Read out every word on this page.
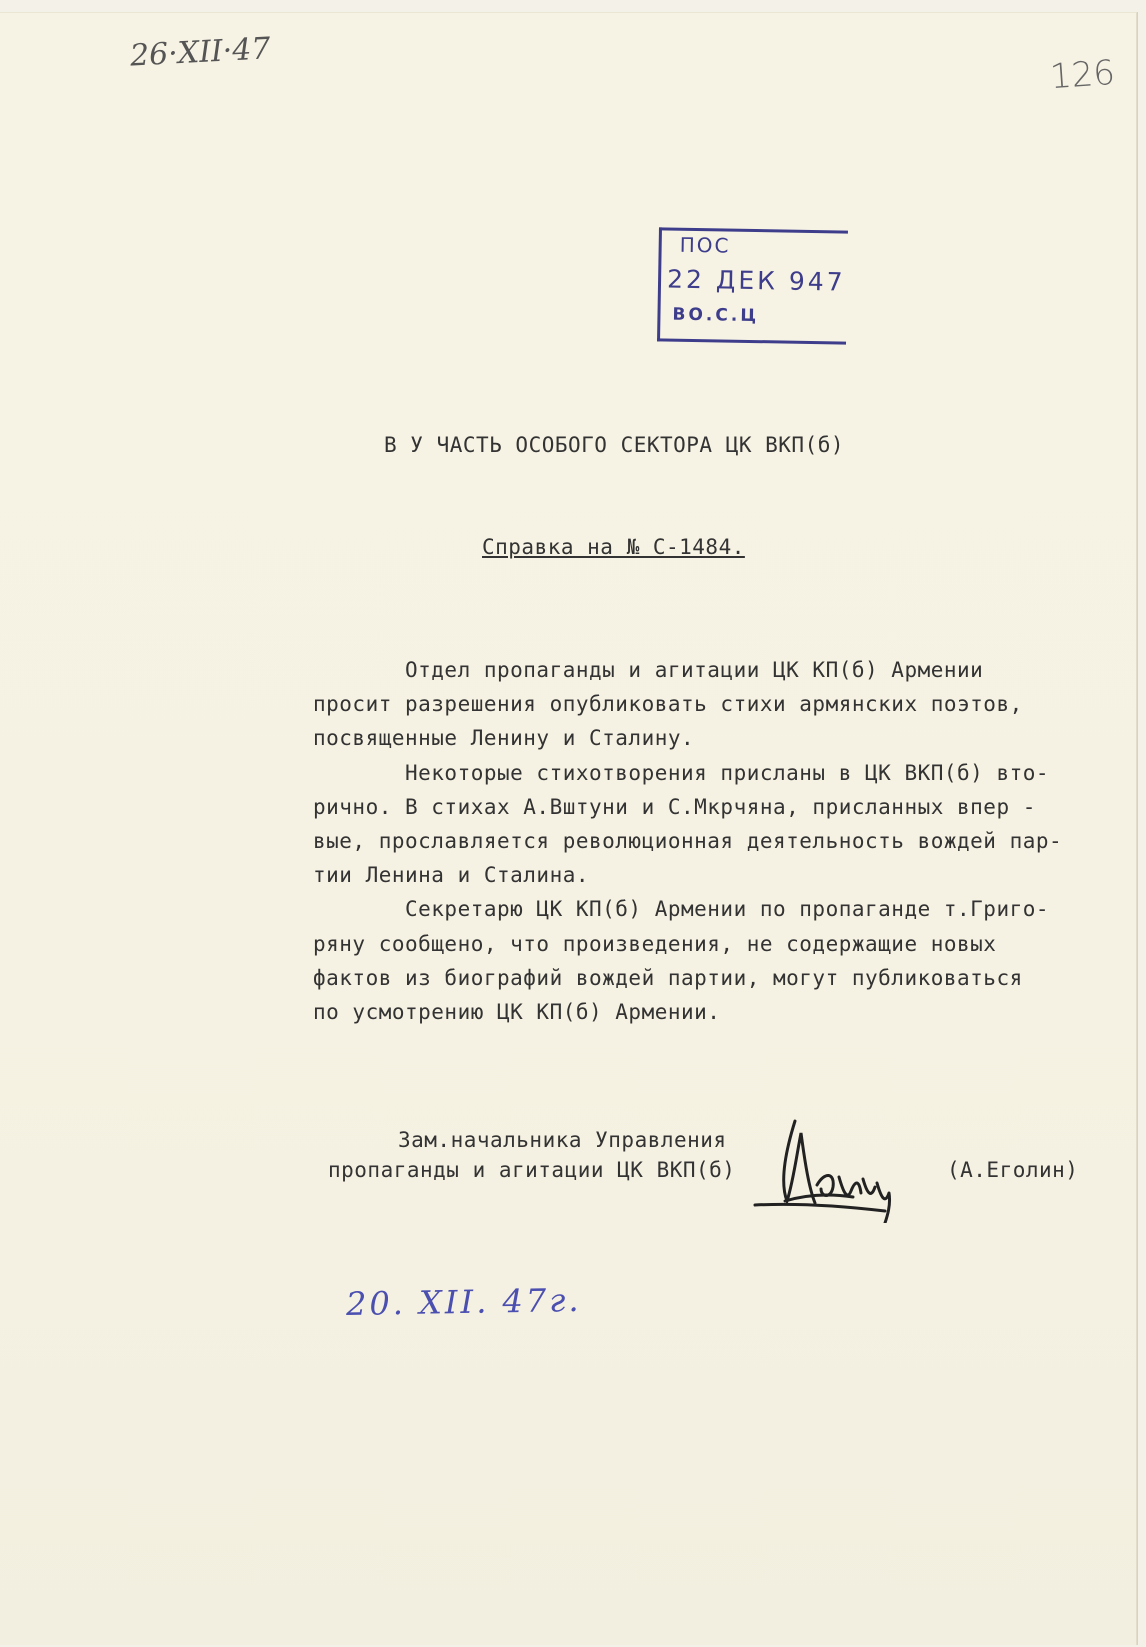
26·XII·47
126
ПОС
22 ДЕК 947
ВО.С.Ц
В У ЧАСТЬ ОСОБОГО СЕКТОРА ЦК ВКП(б)
Справка на № С-1484.
Отдел пропаганды и агитации ЦК КП(б) Армении
просит разрешения опубликовать стихи армянских поэтов,
посвященные Ленину и Сталину.
Некоторые стихотворения присланы в ЦК ВКП(б) вто-
рично. В стихах А.Вштуни и С.Мкрчяна, присланных впер -
вые, прославляется революционная деятельность вождей пар-
тии Ленина и Сталина.
Секретарю ЦК КП(б) Армении по пропаганде т.Григо-
ряну сообщено, что произведения, не содержащие новых
фактов из биографий вождей партии, могут публиковаться
по усмотрению ЦК КП(б) Армении.
Зам.начальника Управления
пропаганды и агитации ЦК ВКП(б)	(А.Еголин)
20. XII. 47г.
